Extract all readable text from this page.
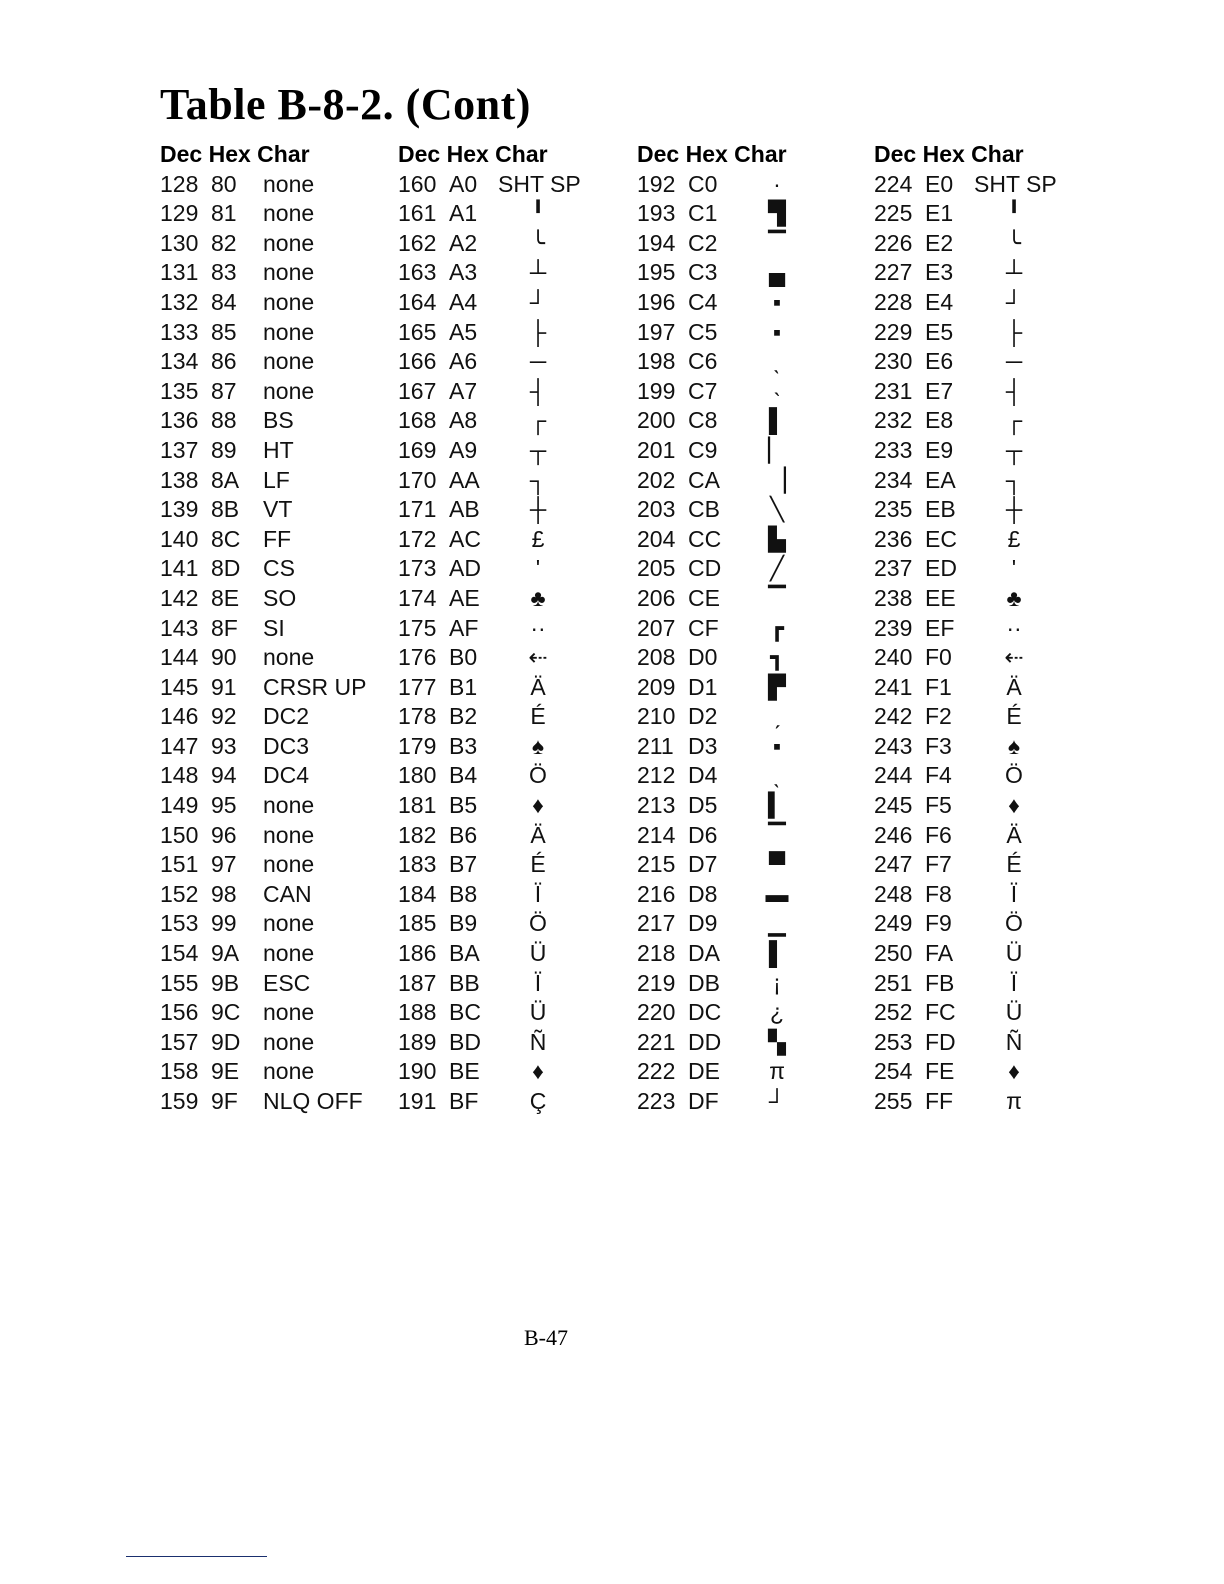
Table B-8-2. (Cont)
Dec Hex Char
128 80 none
129 81 none
130 82 none
131 83 none
132 84 none
133 85 none
134 86 none
135 87 none
136 88 BS
137 89 HT
138 8A LF
139 8B VT
140 8C FF
141 8D CS
142 8E SO
143 8F SI
144 90 none
145 91 CRSR UP
146 92 DC2
147 93 DC3
148 94 DC4
149 95 none
150 96 none
151 97 none
152 98 CAN
153 99 none
154 9A none
155 9B ESC
156 9C none
157 9D none
158 9E none
159 9F NLQ OFF
Dec Hex Char
160 A0 SHT SP
161 A1	╹
162 A2	╰
163 A3	┴
164 A4	┘
165 A5	├
166 A6	─
167 A7	┤
168 A8	┌
169 A9	┬
170 AA	┐
171 AB	┼
172 AC	£
173 AD	'
174 AE	♣
175 AF	··
176 B0	⇠
177 B1	Ä
178 B2	É
179 B3	♠
180 B4	Ö
181 B5	♦
182 B6	Ä
183 B7	É
184 B8	Ï
185 B9	Ö
186 BA	Ü
187 BB	Ï
188 BC	Ü
189 BD	Ñ
190 BE	♦
191 BF	Ç
Dec Hex Char
192 C0	·
193 C1	▜
194 C2	▔
195 C3	▄
196 C4	▪
197 C5	▪
198 C6	ˎ
199 C7	˴
200 C8	▌
201 C9	▏
202 CA	▕
203 CB	╲
204 CC	▙
205 CD	╱
206 CE	▔
207 CF	┏
208 D0	┓
209 D1	▛
210 D2	ˏ
211 D3	▪
212 D4	ˎ
213 D5	▍
214 D6	▔
215 D7	▀
216 D8	▬
217 D9	▁
218 DA	▌
219 DB	¡
220 DC	¿
221 DD	▚
222 DE	π
223 DF	┘
Dec Hex Char
224 E0 SHT SP
225 E1	╹
226 E2	╰
227 E3	┴
228 E4	┘
229 E5	├
230 E6	─
231 E7	┤
232 E8	┌
233 E9	┬
234 EA	┐
235 EB	┼
236 EC	£
237 ED	'
238 EE	♣
239 EF	··
240 F0	⇠
241 F1	Ä
242 F2	É
243 F3	♠
244 F4	Ö
245 F5	♦
246 F6	Ä
247 F7	É
248 F8	Ï
249 F9	Ö
250 FA	Ü
251 FB	Ï
252 FC	Ü
253 FD	Ñ
254 FE	♦
255 FF	π
B-47
